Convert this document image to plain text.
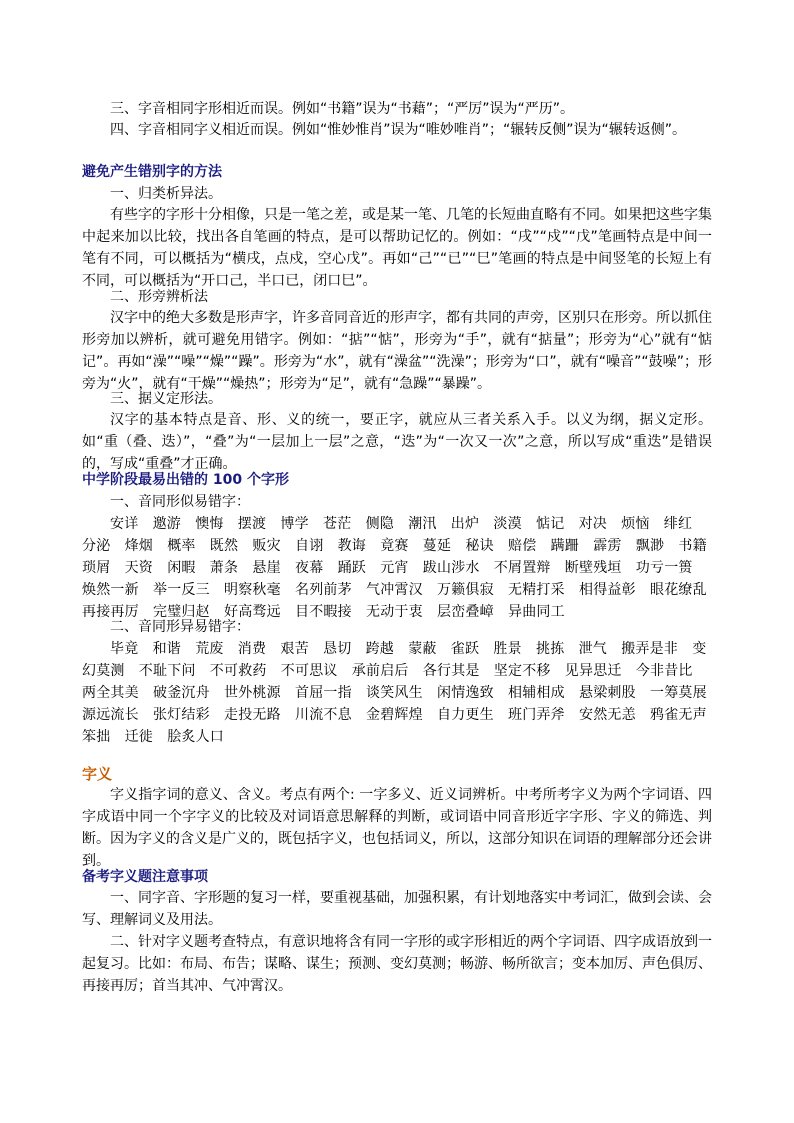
三、字音相同字形相近而误。例如“书籍”误为“书藉”；“严厉”误为“严历”。

四、字音相同字义相近而误。例如“惟妙惟肖”误为“唯妙唯肖”；“辗转反侧”误为“辗转返侧”。

避免产生错别字的方法

一、归类析异法。

有些字的字形十分相像，只是一笔之差，或是某一笔、几笔的长短曲直略有不同。如果把这些字集中起来加以比较，找出各自笔画的特点，是可以帮助记忆的。例如：“戌”“戍”“戊”笔画特点是中间一笔有不同，可以概括为“横戌，点戍，空心戊”。再如“己”“已”“巳”笔画的特点是中间竖笔的长短上有不同，可以概括为“开口己，半口已，闭口巳”。

二、形旁辨析法

汉字中的绝大多数是形声字，许多音同音近的形声字，都有共同的声旁，区别只在形旁。所以抓住形旁加以辨析，就可避免用错字。例如：“掂”“惦”，形旁为“手”，就有“掂量”；形旁为“心”就有“惦记”。再如“澡”“噪”“燥”“躁”。形旁为“水”，就有“澡盆”“洗澡”；形旁为“口”，就有“噪音”“鼓噪”；形旁为“火”，就有“干燥”“燥热”；形旁为“足”，就有“急躁”“暴躁”。

三、据义定形法。

汉字的基本特点是音、形、义的统一，要正字，就应从三者关系入手。以义为纲，据义定形。如“重（叠、迭）”，“叠”为“一层加上一层”之意，“迭”为“一次又一次”之意，所以写成“重迭”是错误的，写成“重叠”才正确。

中学阶段最易出错的 100 个字形

一、音同形似易错字：

安详　邀游　懊悔　摆渡　博学　苍茫　侧隐　潮汛　出炉　淡漠　惦记　对决　烦恼　绯红　分泌　烽烟　概率　既然　贩灾　自诩　教诲　竟赛　蔓延　秘诀　赔偿　蹒跚　霹雳　飘渺　书籍　琐屑　天资　闲暇　萧条　悬崖　夜幕　踊跃　元宵　跋山涉水　不屑置辩　断壁残垣　功亏一篑　焕然一新　举一反三　明察秋毫　名列前茅　气冲霄汉　万籁俱寂　无精打采　相得益彰　眼花缭乱　再接再厉　完璧归赵　好高骛远　目不暇接　无动于衷　层峦叠嶂　异曲同工

二、音同形异易错字：

毕竟　和谐　荒废　消费　艰苦　恳切　跨越　蒙蔽　雀跃　胜景　挑拣　泄气　搬弄是非　变幻莫测　不耻下问　不可救药　不可思议　承前启后　各行其是　坚定不移　见异思迁　今非昔比　两全其美　破釜沉舟　世外桃源　首屈一指　谈笑风生　闲情逸致　相辅相成　悬梁刺股　一筹莫展　源远流长　张灯结彩　走投无路　川流不息　金碧辉煌　自力更生　班门弄斧　安然无恙　鸦雀无声　笨拙　迁徙　脍炙人口

字义

字义指字词的意义、含义。考点有两个: 一字多义、近义词辨析。中考所考字义为两个字词语、四字成语中同一个字字义的比较及对词语意思解释的判断，或词语中同音形近字字形、字义的筛选、判断。因为字义的含义是广义的，既包括字义，也包括词义，所以，这部分知识在词语的理解部分还会讲到。

备考字义题注意事项

一、同字音、字形题的复习一样，要重视基础，加强积累，有计划地落实中考词汇，做到会读、会写、理解词义及用法。

二、针对字义题考查特点，有意识地将含有同一字形的或字形相近的两个字词语、四字成语放到一起复习。比如：布局、布告；谋略、谋生；预测、变幻莫测；畅游、畅所欲言；变本加厉、声色俱厉、再接再厉；首当其冲、气冲霄汉。
